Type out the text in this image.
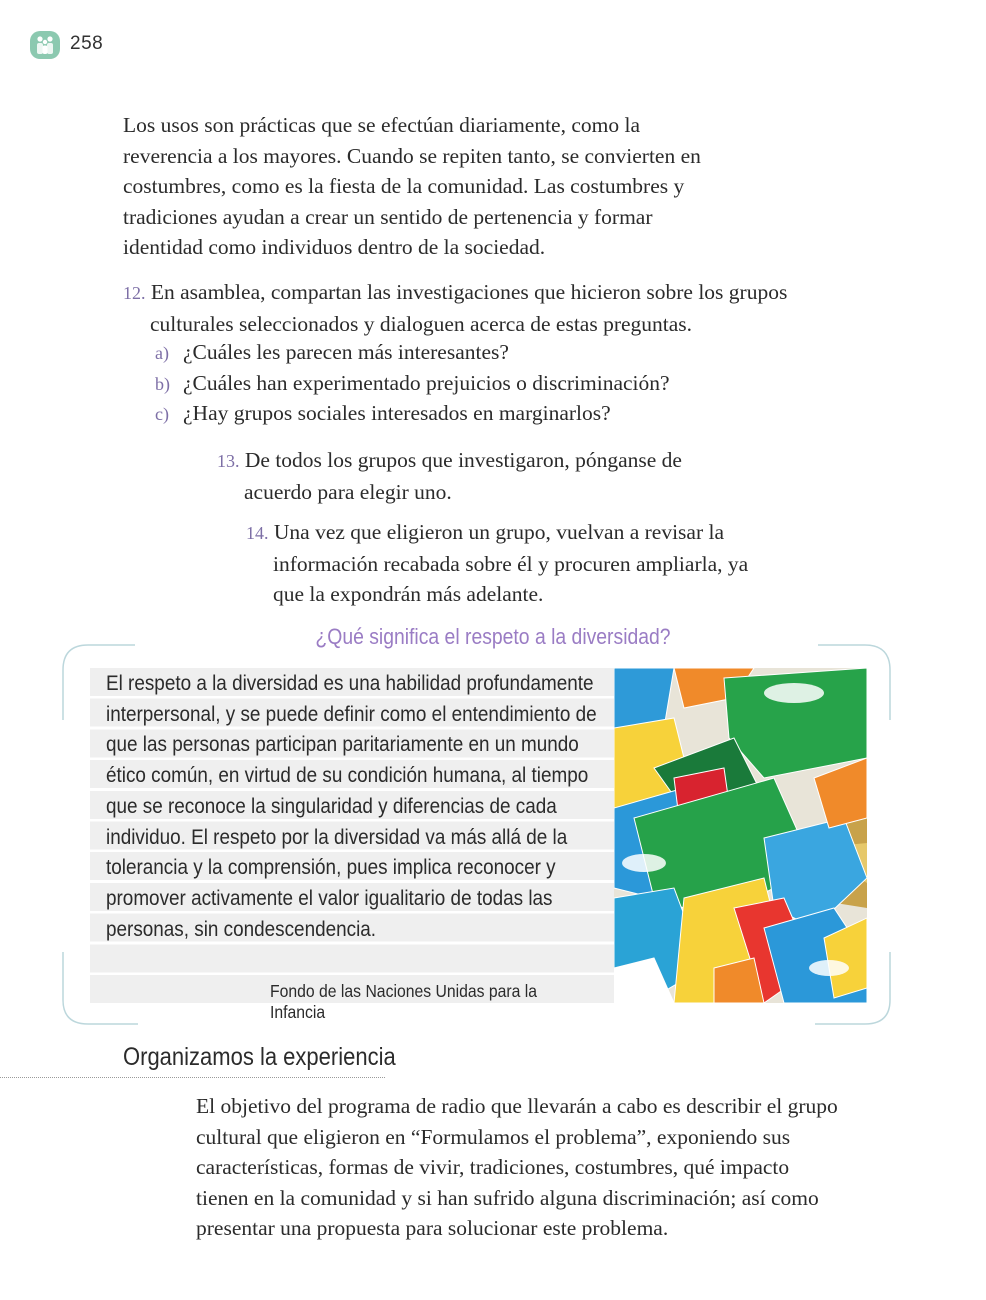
258

Los usos son prácticas que se efectúan diariamente, como la reverencia a los mayores. Cuando se repiten tanto, se convierten en costumbres, como es la fiesta de la comunidad. Las costumbres y tradiciones ayudan a crear un sentido de pertenencia y formar identidad como individuos dentro de la sociedad.

12. En asamblea, compartan las investigaciones que hicieron sobre los grupos culturales seleccionados y dialoguen acerca de estas preguntas.

a) ¿Cuáles les parecen más interesantes?
b) ¿Cuáles han experimentado prejuicios o discriminación?
c) ¿Hay grupos sociales interesados en marginarlos?

13. De todos los grupos que investigaron, pónganse de acuerdo para elegir uno.

14. Una vez que eligieron un grupo, vuelvan a revisar la información recabada sobre él y procuren ampliarla, ya que la expondrán más adelante.

¿Qué significa el respeto a la diversidad?
El respeto a la diversidad es una habilidad profundamente interpersonal, y se puede definir como el entendimiento de que las personas participan paritariamente en un mundo ético común, en virtud de su condición humana, al tiempo que se reconoce la singularidad y diferencias de cada individuo. El respeto por la diversidad va más allá de la tolerancia y la comprensión, pues implica reconocer y promover activamente el valor igualitario de todas las personas, sin condescendencia.
Fondo de las Naciones Unidas para la Infancia
Organizamos la experiencia

El objetivo del programa de radio que llevarán a cabo es describir el grupo cultural que eligieron en “Formulamos el problema”, exponiendo sus características, formas de vivir, tradiciones, costumbres, qué impacto tienen en la comunidad y si han sufrido alguna discriminación; así como presentar una propuesta para solucionar este problema.
